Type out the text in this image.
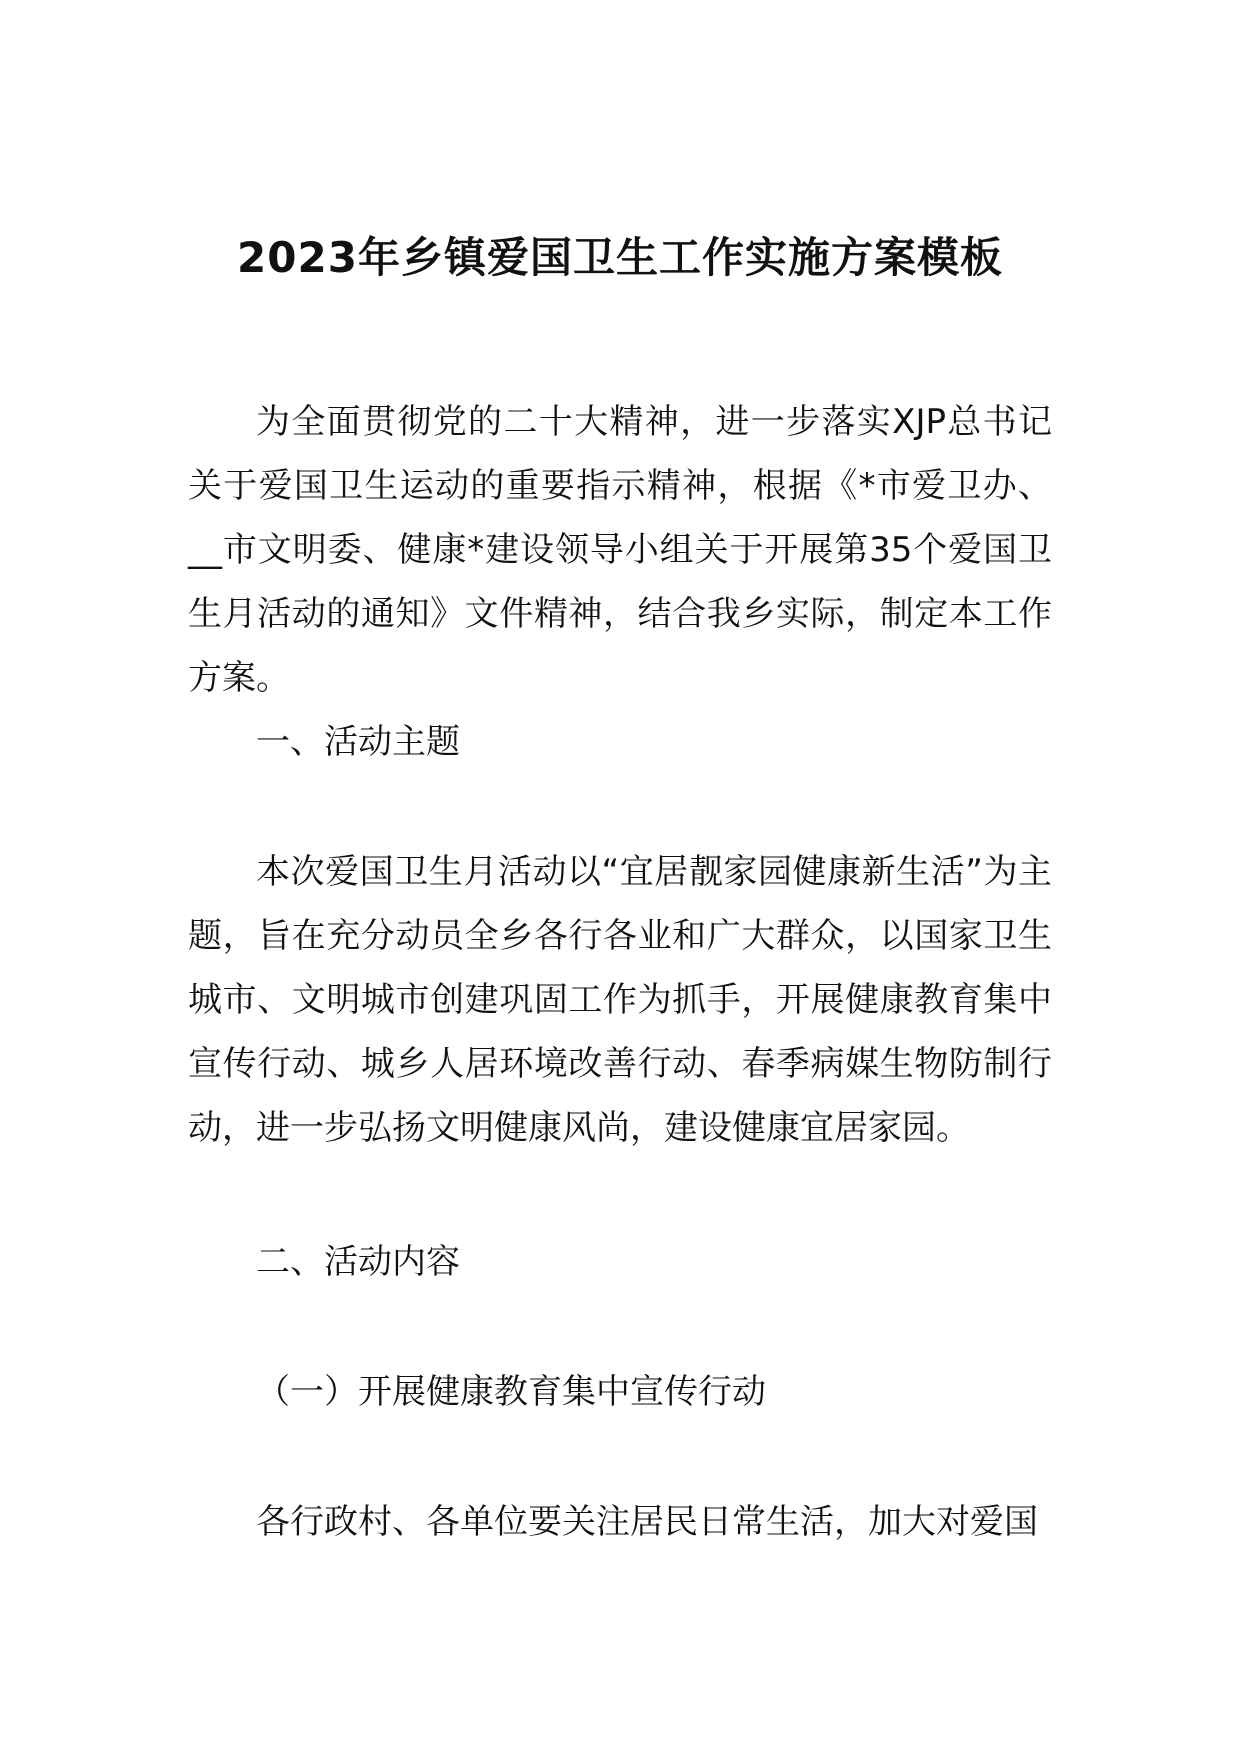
2023年乡镇爱国卫生工作实施方案模板

为全面贯彻党的二十大精神，进一步落实XJP总书记关于爱国卫生运动的重要指示精神，根据《*市爱卫办、__市文明委、健康*建设领导小组关于开展第35个爱国卫生月活动的通知》文件精神，结合我乡实际，制定本工作方案。

一、活动主题

本次爱国卫生月活动以“宜居靓家园健康新生活”为主题，旨在充分动员全乡各行各业和广大群众，以国家卫生城市、文明城市创建巩固工作为抓手，开展健康教育集中宣传行动、城乡人居环境改善行动、春季病媒生物防制行动，进一步弘扬文明健康风尚，建设健康宜居家园。

二、活动内容

（一）开展健康教育集中宣传行动

各行政村、各单位要关注居民日常生活，加大对爱国
